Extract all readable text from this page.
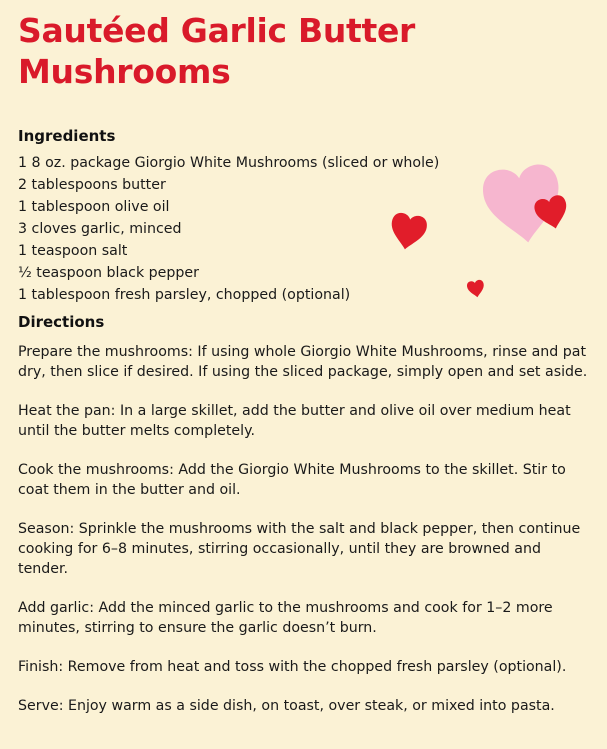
Sautéed Garlic Butter
Mushrooms
Ingredients
1 8 oz. package Giorgio White Mushrooms (sliced or whole)
2 tablespoons butter
1 tablespoon olive oil
3 cloves garlic, minced
1 teaspoon salt
½ teaspoon black pepper
1 tablespoon fresh parsley, chopped (optional)
Directions

Prepare the mushrooms: If using whole Giorgio White Mushrooms, rinse and pat dry, then slice if desired. If using the sliced package, simply open and set aside.

Heat the pan: In a large skillet, add the butter and olive oil over medium heat until the butter melts completely.

Cook the mushrooms: Add the Giorgio White Mushrooms to the skillet. Stir to coat them in the butter and oil.

Season: Sprinkle the mushrooms with the salt and black pepper, then continue cooking for 6–8 minutes, stirring occasionally, until they are browned and tender.

Add garlic: Add the minced garlic to the mushrooms and cook for 1–2 more minutes, stirring to ensure the garlic doesn’t burn.

Finish: Remove from heat and toss with the chopped fresh parsley (optional).

Serve: Enjoy warm as a side dish, on toast, over steak, or mixed into pasta.
